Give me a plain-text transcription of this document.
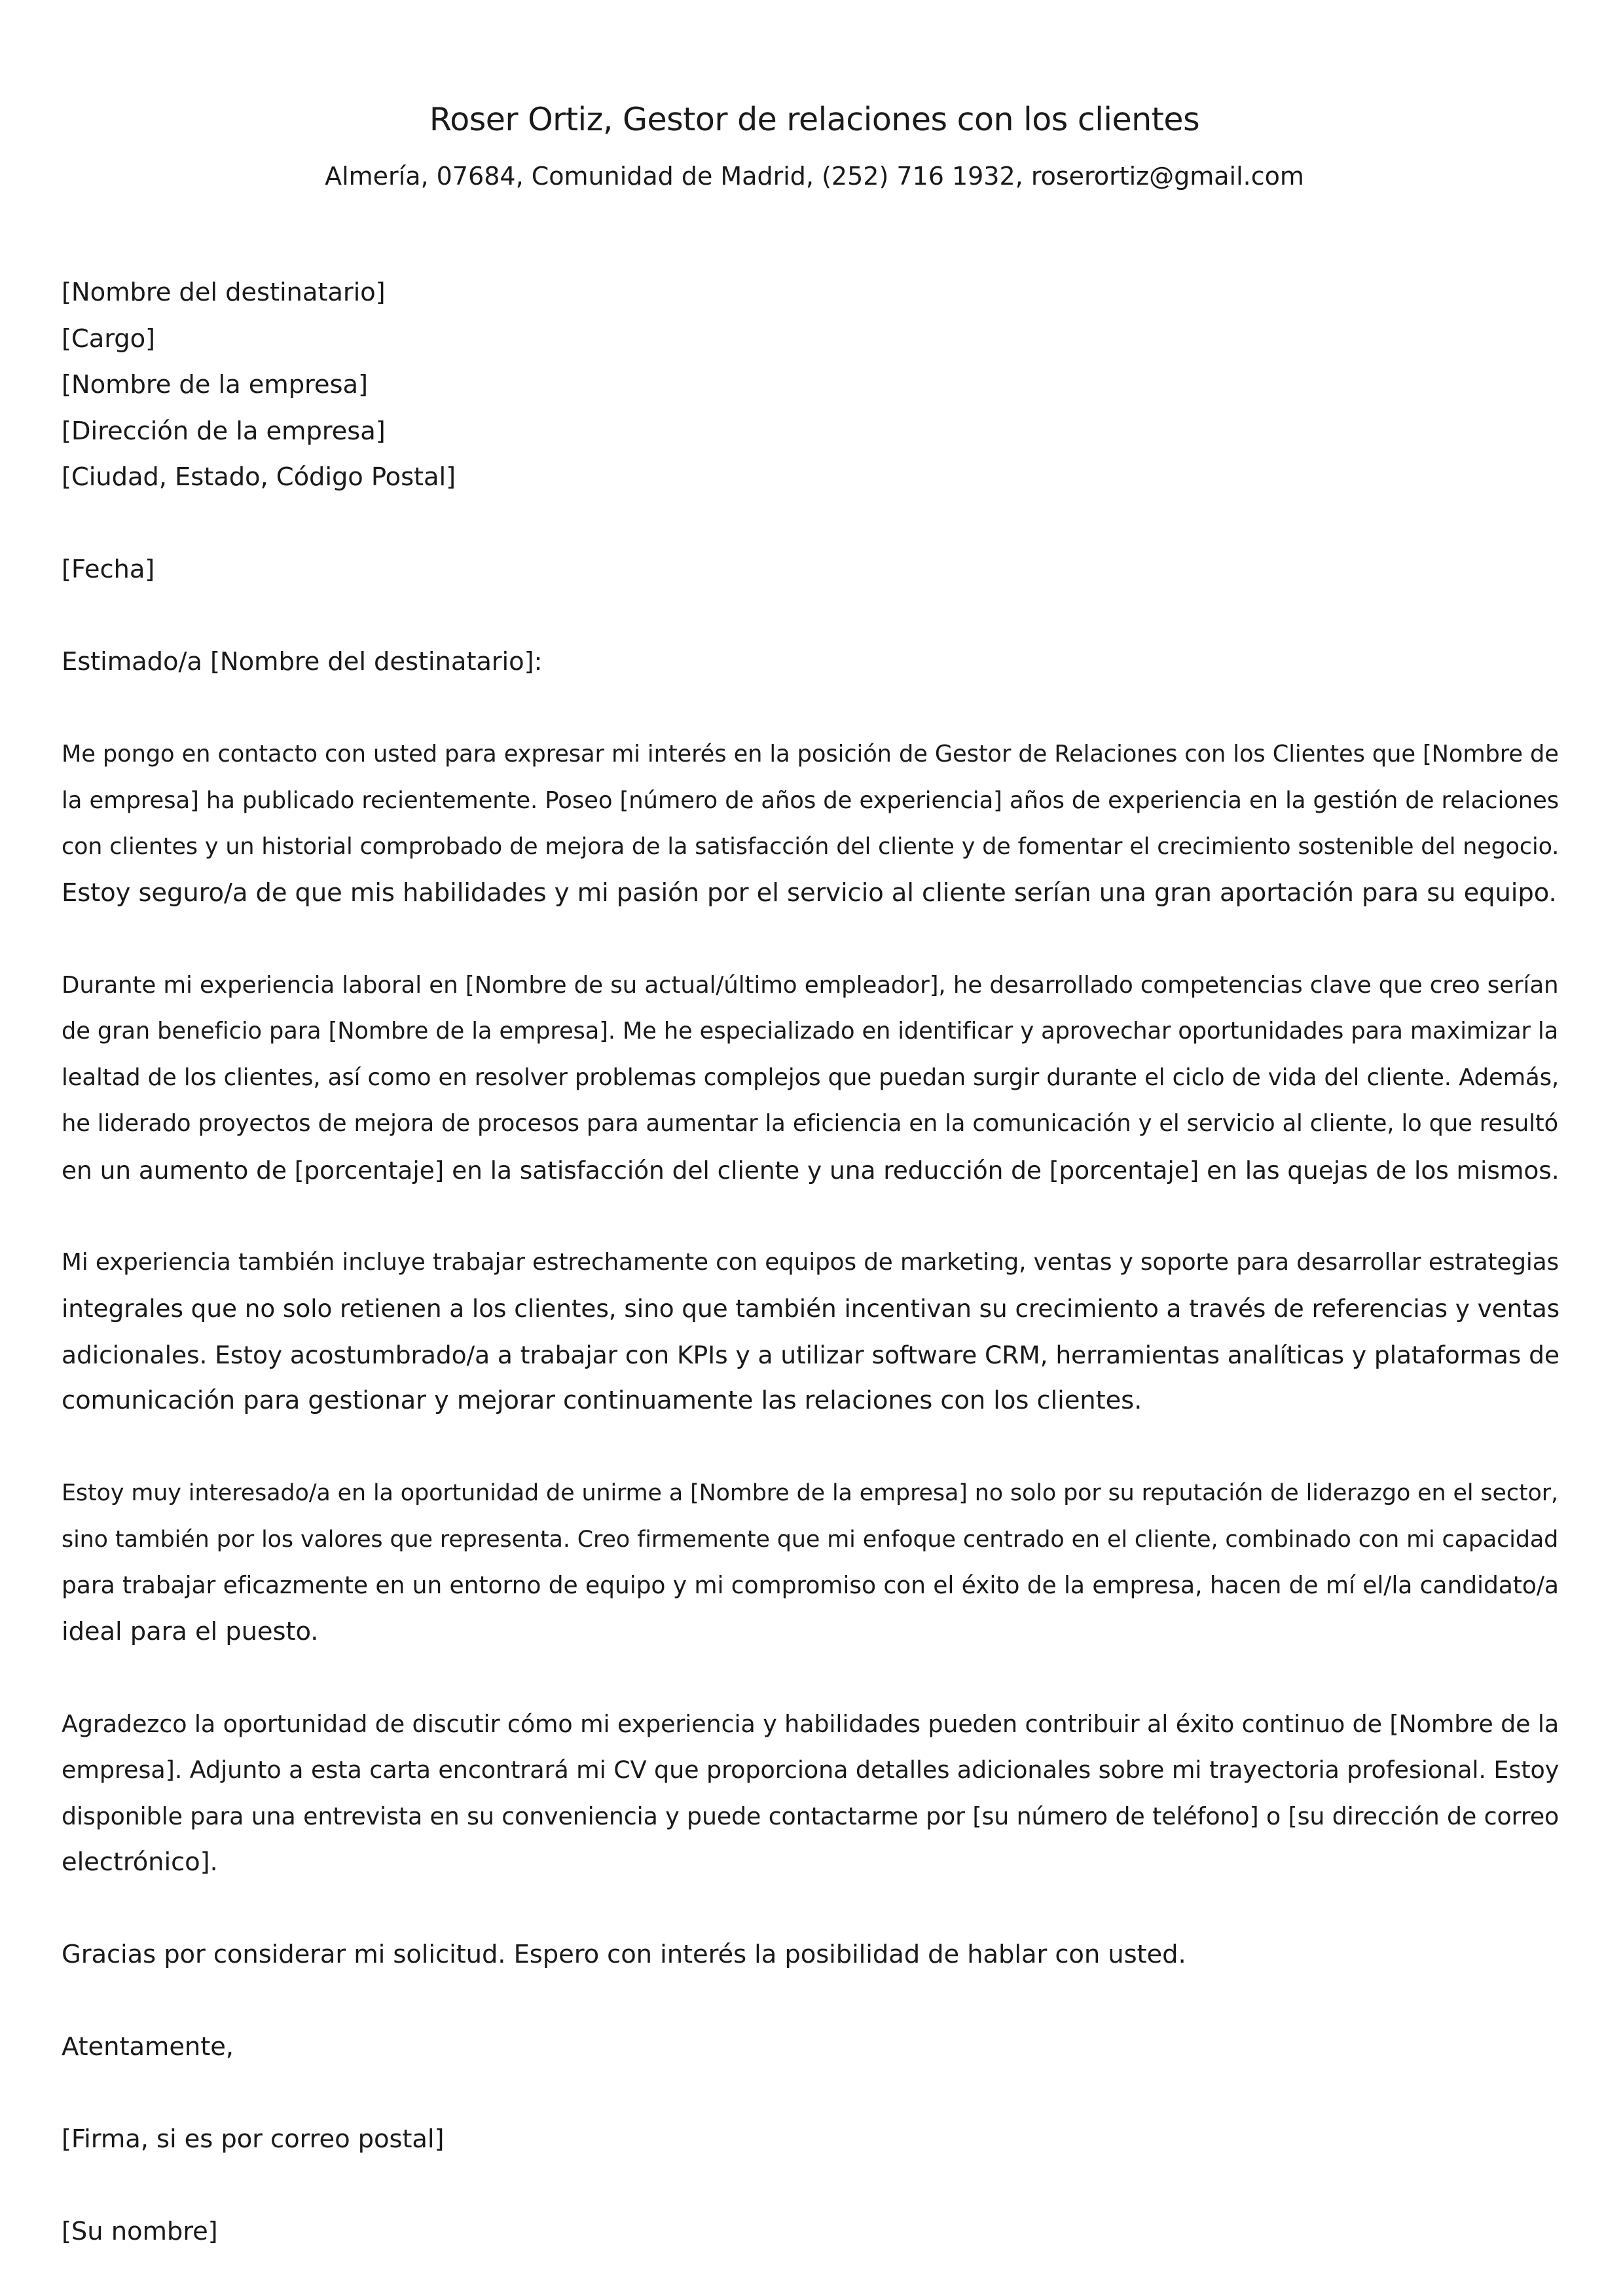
Roser Ortiz, Gestor de relaciones con los clientes

Almería, 07684, Comunidad de Madrid, (252) 716 1932, roserortiz@gmail.com

[Nombre del destinatario]
[Cargo]
[Nombre de la empresa]
[Dirección de la empresa]
[Ciudad, Estado, Código Postal]
[Fecha]
Estimado/a [Nombre del destinatario]:
Me pongo en contacto con usted para expresar mi interés en la posición de Gestor de Relaciones con los Clientes que [Nombre de
la empresa] ha publicado recientemente. Poseo [número de años de experiencia] años de experiencia en la gestión de relaciones
con clientes y un historial comprobado de mejora de la satisfacción del cliente y de fomentar el crecimiento sostenible del negocio.
Estoy seguro/a de que mis habilidades y mi pasión por el servicio al cliente serían una gran aportación para su equipo.
Durante mi experiencia laboral en [Nombre de su actual/último empleador], he desarrollado competencias clave que creo serían
de gran beneficio para [Nombre de la empresa]. Me he especializado en identificar y aprovechar oportunidades para maximizar la
lealtad de los clientes, así como en resolver problemas complejos que puedan surgir durante el ciclo de vida del cliente. Además,
he liderado proyectos de mejora de procesos para aumentar la eficiencia en la comunicación y el servicio al cliente, lo que resultó
en un aumento de [porcentaje] en la satisfacción del cliente y una reducción de [porcentaje] en las quejas de los mismos.
Mi experiencia también incluye trabajar estrechamente con equipos de marketing, ventas y soporte para desarrollar estrategias
integrales que no solo retienen a los clientes, sino que también incentivan su crecimiento a través de referencias y ventas
adicionales. Estoy acostumbrado/a a trabajar con KPIs y a utilizar software CRM, herramientas analíticas y plataformas de
comunicación para gestionar y mejorar continuamente las relaciones con los clientes.
Estoy muy interesado/a en la oportunidad de unirme a [Nombre de la empresa] no solo por su reputación de liderazgo en el sector,
sino también por los valores que representa. Creo firmemente que mi enfoque centrado en el cliente, combinado con mi capacidad
para trabajar eficazmente en un entorno de equipo y mi compromiso con el éxito de la empresa, hacen de mí el/la candidato/a
ideal para el puesto.
Agradezco la oportunidad de discutir cómo mi experiencia y habilidades pueden contribuir al éxito continuo de [Nombre de la
empresa]. Adjunto a esta carta encontrará mi CV que proporciona detalles adicionales sobre mi trayectoria profesional. Estoy
disponible para una entrevista en su conveniencia y puede contactarme por [su número de teléfono] o [su dirección de correo
electrónico].
Gracias por considerar mi solicitud. Espero con interés la posibilidad de hablar con usted.
Atentamente,
[Firma, si es por correo postal]
[Su nombre]
